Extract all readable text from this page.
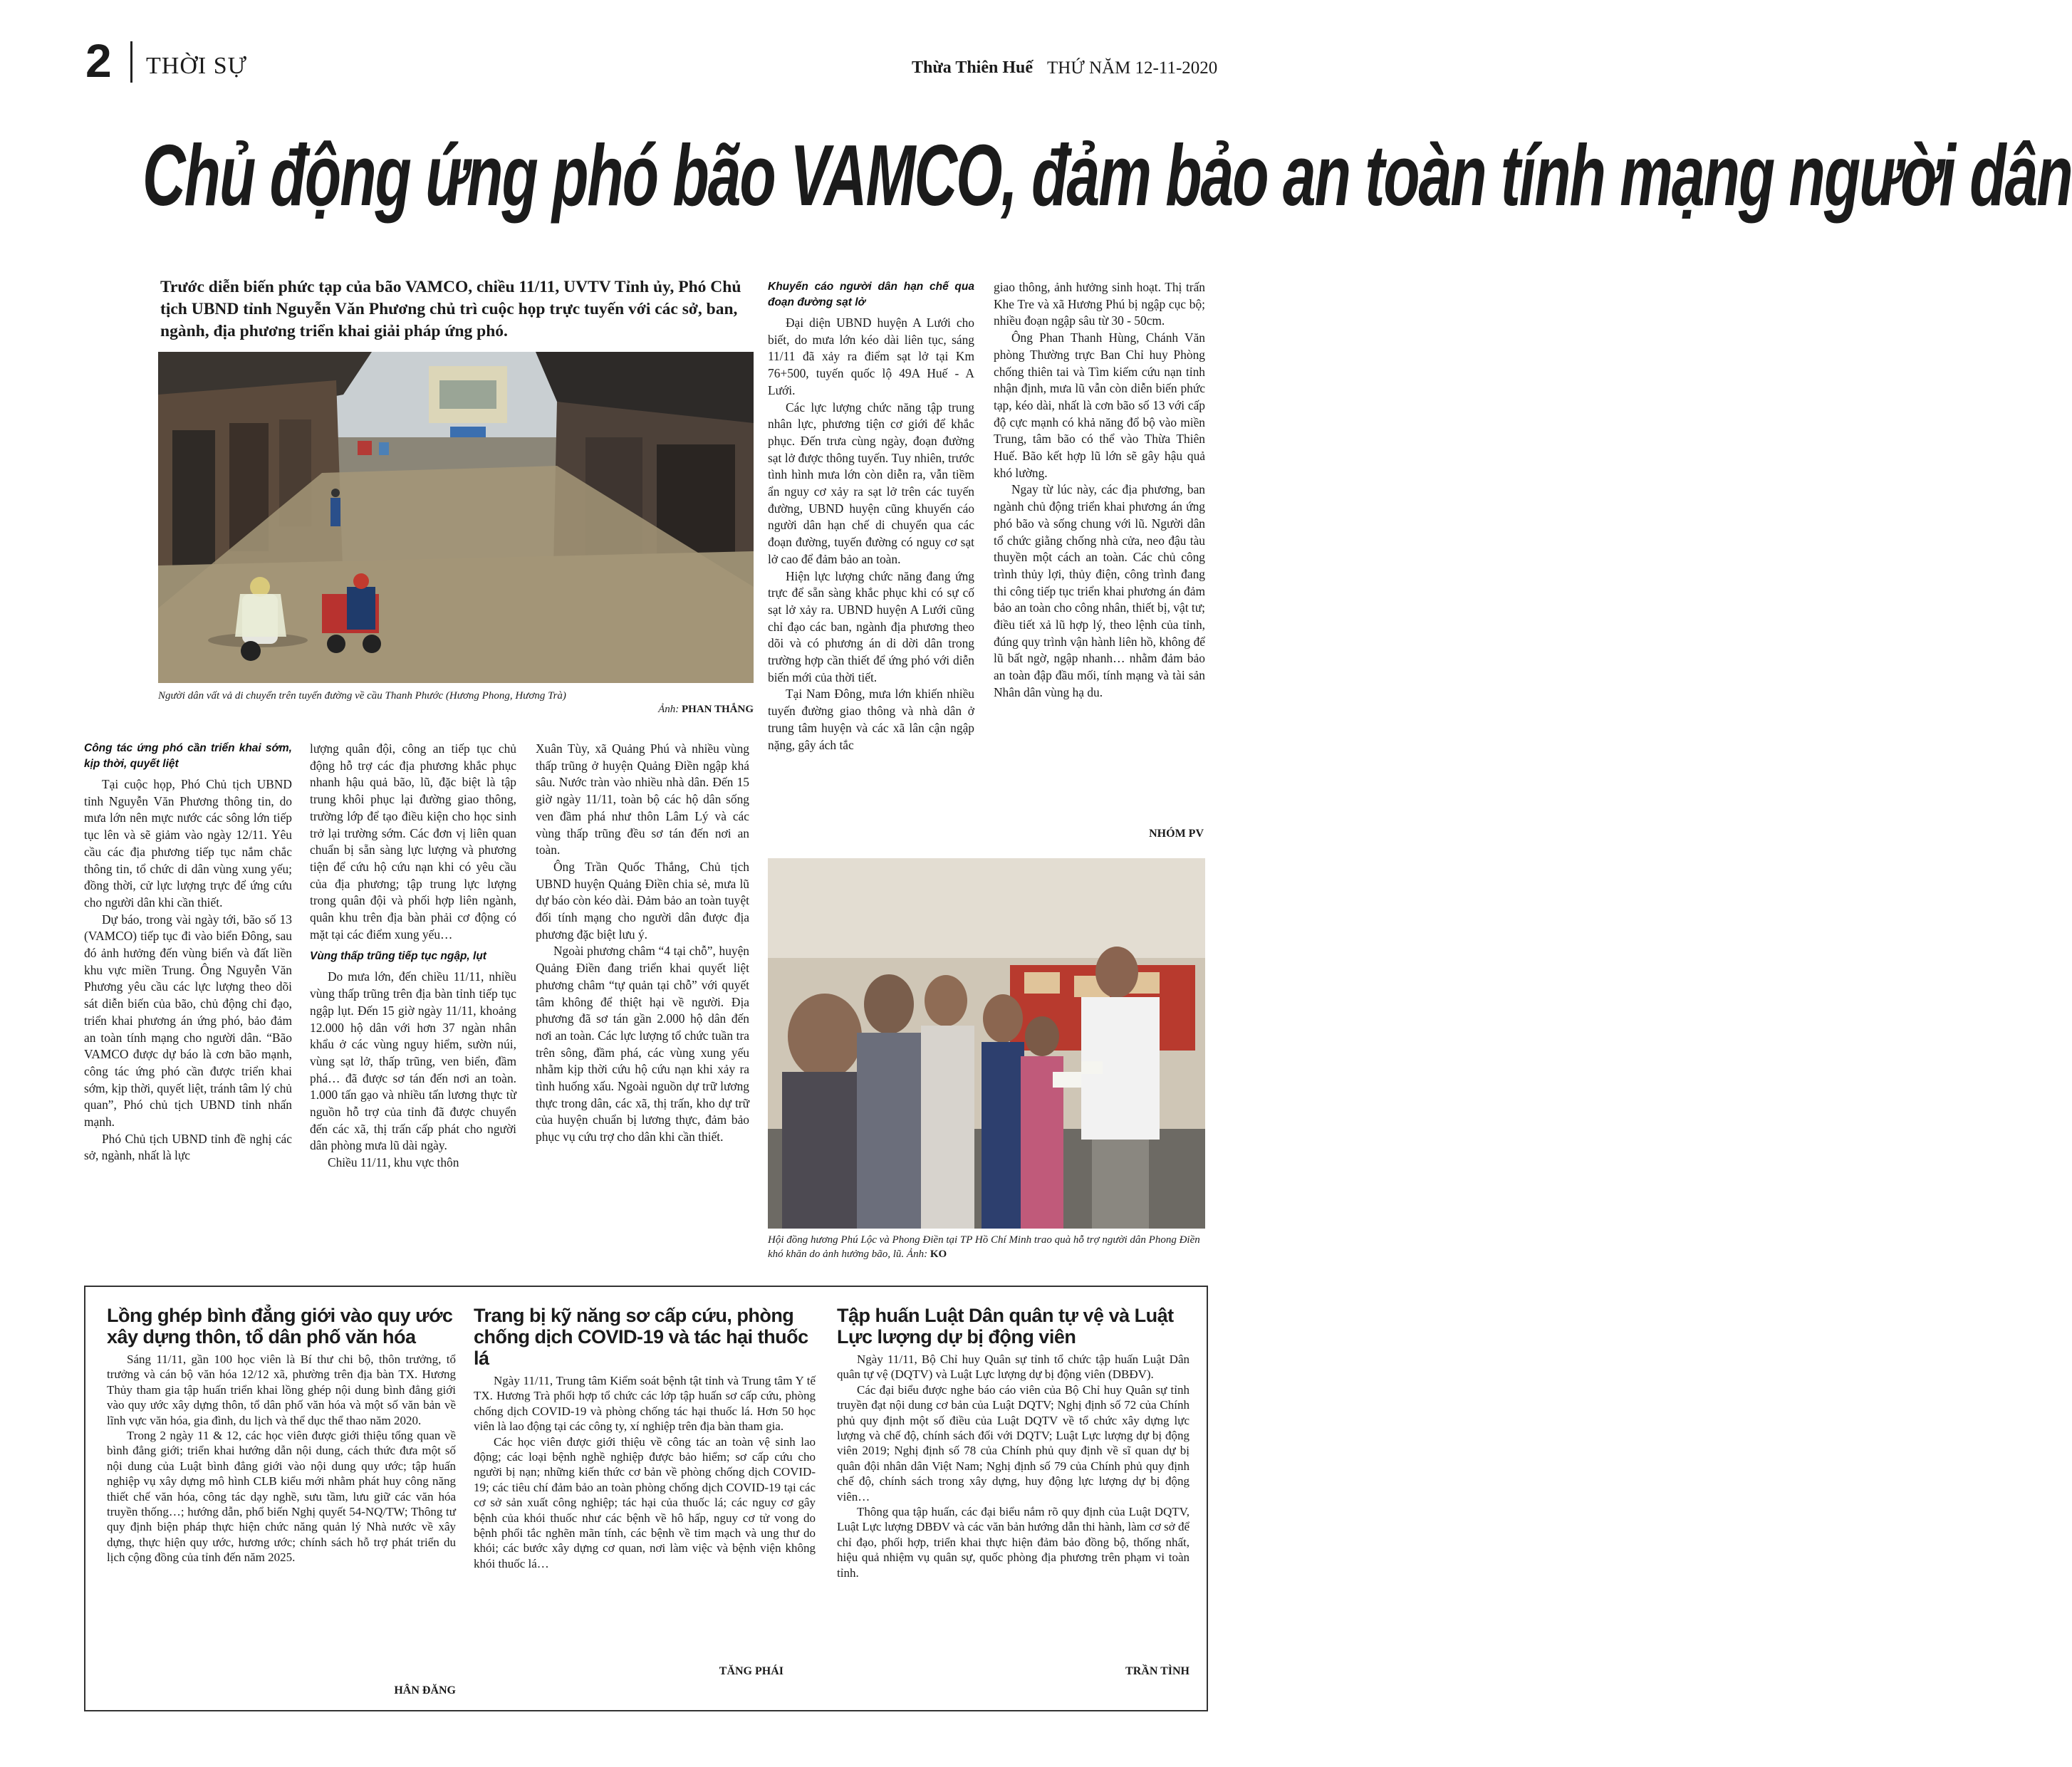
2 THỜI SỰ	Thừa Thiên Huế THỨ NĂM 12-11-2020
Chủ động ứng phó bão VAMCO, đảm bảo an toàn tính mạng người dân
Trước diễn biến phức tạp của bão VAMCO, chiều 11/11, UVTV Tỉnh ủy, Phó Chủ tịch UBND tỉnh Nguyễn Văn Phương chủ trì cuộc họp trực tuyến với các sở, ban, ngành, địa phương triển khai giải pháp ứng phó.
Người dân vất vả di chuyển trên tuyến đường về cầu Thanh Phước (Hương Phong, Hương Trà)
Ảnh: PHAN THẮNG
Công tác ứng phó cần triển khai sớm, kịp thời, quyết liệt

Tại cuộc họp, Phó Chủ tịch UBND tỉnh Nguyễn Văn Phương thông tin, do mưa lớn nên mực nước các sông lớn tiếp tục lên và sẽ giảm vào ngày 12/11. Yêu cầu các địa phương tiếp tục nắm chắc thông tin, tổ chức di dân vùng xung yếu; đồng thời, cử lực lượng trực để ứng cứu cho người dân khi cần thiết.

Dự báo, trong vài ngày tới, bão số 13 (VAMCO) tiếp tục đi vào biển Đông, sau đó ảnh hưởng đến vùng biển và đất liền khu vực miền Trung. Ông Nguyễn Văn Phương yêu cầu các lực lượng theo dõi sát diễn biến của bão, chủ động chỉ đạo, triển khai phương án ứng phó, bảo đảm an toàn tính mạng cho người dân. “Bão VAMCO được dự báo là cơn bão mạnh, công tác ứng phó cần được triển khai sớm, kịp thời, quyết liệt, tránh tâm lý chủ quan”, Phó chủ tịch UBND tỉnh nhấn mạnh.

Phó Chủ tịch UBND tỉnh đề nghị các sở, ngành, nhất là lực

lượng quân đội, công an tiếp tục chủ động hỗ trợ các địa phương khắc phục nhanh hậu quả bão, lũ, đặc biệt là tập trung khôi phục lại đường giao thông, trường lớp để tạo điều kiện cho học sinh trở lại trường sớm. Các đơn vị liên quan chuẩn bị sẵn sàng lực lượng và phương tiện để cứu hộ cứu nạn khi có yêu cầu của địa phương; tập trung lực lượng trong quân đội và phối hợp liên ngành, quân khu trên địa bàn phải cơ động có mặt tại các điểm xung yếu…

Vùng thấp trũng tiếp tục ngập, lụt

Do mưa lớn, đến chiều 11/11, nhiều vùng thấp trũng trên địa bàn tỉnh tiếp tục ngập lụt. Đến 15 giờ ngày 11/11, khoảng 12.000 hộ dân với hơn 37 ngàn nhân khẩu ở các vùng nguy hiểm, sườn núi, vùng sạt lở, thấp trũng, ven biển, đầm phá… đã được sơ tán đến nơi an toàn. 1.000 tấn gạo và nhiều tấn lương thực từ nguồn hỗ trợ của tỉnh đã được chuyển đến các xã, thị trấn cấp phát cho người dân phòng mưa lũ dài ngày.

Chiều 11/11, khu vực thôn

Xuân Tùy, xã Quảng Phú và nhiều vùng thấp trũng ở huyện Quảng Điền ngập khá sâu. Nước tràn vào nhiều nhà dân. Đến 15 giờ ngày 11/11, toàn bộ các hộ dân sống ven đầm phá như thôn Lâm Lý và các vùng thấp trũng đều sơ tán đến nơi an toàn.

Ông Trần Quốc Thắng, Chủ tịch UBND huyện Quảng Điền chia sẻ, mưa lũ dự báo còn kéo dài. Đảm bảo an toàn tuyệt đối tính mạng cho người dân được địa phương đặc biệt lưu ý.

Ngoài phương châm “4 tại chỗ”, huyện Quảng Điền đang triển khai quyết liệt phương châm “tự quản tại chỗ” với quyết tâm không để thiệt hại về người. Địa phương đã sơ tán gần 2.000 hộ dân đến nơi an toàn. Các lực lượng tổ chức tuần tra trên sông, đầm phá, các vùng xung yếu nhằm kịp thời cứu hộ cứu nạn khi xảy ra tình huống xấu. Ngoài nguồn dự trữ lương thực trong dân, các xã, thị trấn, kho dự trữ của huyện chuẩn bị lương thực, đảm bảo phục vụ cứu trợ cho dân khi cần thiết.

Khuyến cáo người dân hạn chế qua đoạn đường sạt lở

Đại diện UBND huyện A Lưới cho biết, do mưa lớn kéo dài liên tục, sáng 11/11 đã xảy ra điểm sạt lở tại Km 76+500, tuyến quốc lộ 49A Huế - A Lưới.

Các lực lượng chức năng tập trung nhân lực, phương tiện cơ giới để khắc phục. Đến trưa cùng ngày, đoạn đường sạt lở được thông tuyến. Tuy nhiên, trước tình hình mưa lớn còn diễn ra, vẫn tiềm ẩn nguy cơ xảy ra sạt lở trên các tuyến đường, UBND huyện cũng khuyến cáo người dân hạn chế di chuyển qua các đoạn đường, tuyến đường có nguy cơ sạt lở cao để đảm bảo an toàn.

Hiện lực lượng chức năng đang ứng trực để sẵn sàng khắc phục khi có sự cố sạt lở xảy ra. UBND huyện A Lưới cũng chỉ đạo các ban, ngành địa phương theo dõi và có phương án di dời dân trong trường hợp cần thiết để ứng phó với diễn biến mới của thời tiết.

Tại Nam Đông, mưa lớn khiến nhiều tuyến đường giao thông và nhà dân ở trung tâm huyện và các xã lân cận ngập nặng, gây ách tắc

giao thông, ảnh hưởng sinh hoạt. Thị trấn Khe Tre và xã Hương Phú bị ngập cục bộ; nhiều đoạn ngập sâu từ 30 - 50cm.

Ông Phan Thanh Hùng, Chánh Văn phòng Thường trực Ban Chỉ huy Phòng chống thiên tai và Tìm kiếm cứu nạn tỉnh nhận định, mưa lũ vẫn còn diễn biến phức tạp, kéo dài, nhất là cơn bão số 13 với cấp độ cực mạnh có khả năng đổ bộ vào miền Trung, tâm bão có thể vào Thừa Thiên Huế. Bão kết hợp lũ lớn sẽ gây hậu quả khó lường.

Ngay từ lúc này, các địa phương, ban ngành chủ động triển khai phương án ứng phó bão và sống chung với lũ. Người dân tổ chức giằng chống nhà cửa, neo đậu tàu thuyền một cách an toàn. Các chủ công trình thủy lợi, thủy điện, công trình đang thi công tiếp tục triển khai phương án đảm bảo an toàn cho công nhân, thiết bị, vật tư; điều tiết xả lũ hợp lý, theo lệnh của tỉnh, đúng quy trình vận hành liên hồ, không để lũ bất ngờ, ngập nhanh… nhằm đảm bảo an toàn đập đầu mối, tính mạng và tài sản Nhân dân vùng hạ du.

NHÓM PV
Hội đồng hương Phú Lộc và Phong Điền tại TP Hồ Chí Minh trao quà hỗ trợ người dân Phong Điền khó khăn do ảnh hưởng bão, lũ. Ảnh: KO
Lồng ghép bình đẳng giới vào quy ước xây dựng thôn, tổ dân phố văn hóa

Sáng 11/11, gần 100 học viên là Bí thư chi bộ, thôn trưởng, tổ trưởng và cán bộ văn hóa 12/12 xã, phường trên địa bàn TX. Hương Thủy tham gia tập huấn triển khai lồng ghép nội dung bình đẳng giới vào quy ước xây dựng thôn, tổ dân phố văn hóa và một số văn bản về lĩnh vực văn hóa, gia đình, du lịch và thể dục thể thao năm 2020.

Trong 2 ngày 11 & 12, các học viên được giới thiệu tổng quan về bình đẳng giới; triển khai hướng dẫn nội dung, cách thức đưa một số nội dung của Luật bình đẳng giới vào nội dung quy ước; tập huấn nghiệp vụ xây dựng mô hình CLB kiểu mới nhằm phát huy công năng thiết chế văn hóa, công tác dạy nghề, sưu tầm, lưu giữ các văn hóa truyền thống…; hướng dẫn, phổ biến Nghị quyết 54-NQ/TW; Thông tư quy định biện pháp thực hiện chức năng quản lý Nhà nước về xây dựng, thực hiện quy ước, hương ước; chính sách hỗ trợ phát triển du lịch cộng đồng của tỉnh đến năm 2025.

HÂN ĐĂNG
Trang bị kỹ năng sơ cấp cứu, phòng chống dịch COVID-19 và tác hại thuốc lá

Ngày 11/11, Trung tâm Kiểm soát bệnh tật tỉnh và Trung tâm Y tế TX. Hương Trà phối hợp tổ chức các lớp tập huấn sơ cấp cứu, phòng chống dịch COVID-19 và phòng chống tác hại thuốc lá. Hơn 50 học viên là lao động tại các công ty, xí nghiệp trên địa bàn tham gia.

Các học viên được giới thiệu về công tác an toàn vệ sinh lao động; các loại bệnh nghề nghiệp được bảo hiểm; sơ cấp cứu cho người bị nạn; những kiến thức cơ bản về phòng chống dịch COVID-19; các tiêu chí đảm bảo an toàn phòng chống dịch COVID-19 tại các cơ sở sản xuất công nghiệp; tác hại của thuốc lá; các nguy cơ gây bệnh của khói thuốc như các bệnh về hô hấp, nguy cơ tử vong do bệnh phổi tắc nghẽn mãn tính, các bệnh về tim mạch và ung thư do khói; các bước xây dựng cơ quan, nơi làm việc và bệnh viện không khói thuốc lá…

TĂNG PHÁI
Tập huấn Luật Dân quân tự vệ và Luật Lực lượng dự bị động viên

Ngày 11/11, Bộ Chỉ huy Quân sự tỉnh tổ chức tập huấn Luật Dân quân tự vệ (DQTV) và Luật Lực lượng dự bị động viên (DBĐV).

Các đại biểu được nghe báo cáo viên của Bộ Chỉ huy Quân sự tỉnh truyền đạt nội dung cơ bản của Luật DQTV; Nghị định số 72 của Chính phủ quy định một số điều của Luật DQTV về tổ chức xây dựng lực lượng và chế độ, chính sách đối với DQTV; Luật Lực lượng dự bị động viên 2019; Nghị định số 78 của Chính phủ quy định về sĩ quan dự bị quân đội nhân dân Việt Nam; Nghị định số 79 của Chính phủ quy định chế độ, chính sách trong xây dựng, huy động lực lượng dự bị động viên…

Thông qua tập huấn, các đại biểu nắm rõ quy định của Luật DQTV, Luật Lực lượng DBĐV và các văn bản hướng dẫn thi hành, làm cơ sở để chỉ đạo, phối hợp, triển khai thực hiện đảm bảo đồng bộ, thống nhất, hiệu quả nhiệm vụ quân sự, quốc phòng địa phương trên phạm vi toàn tỉnh.

TRẦN TÌNH
